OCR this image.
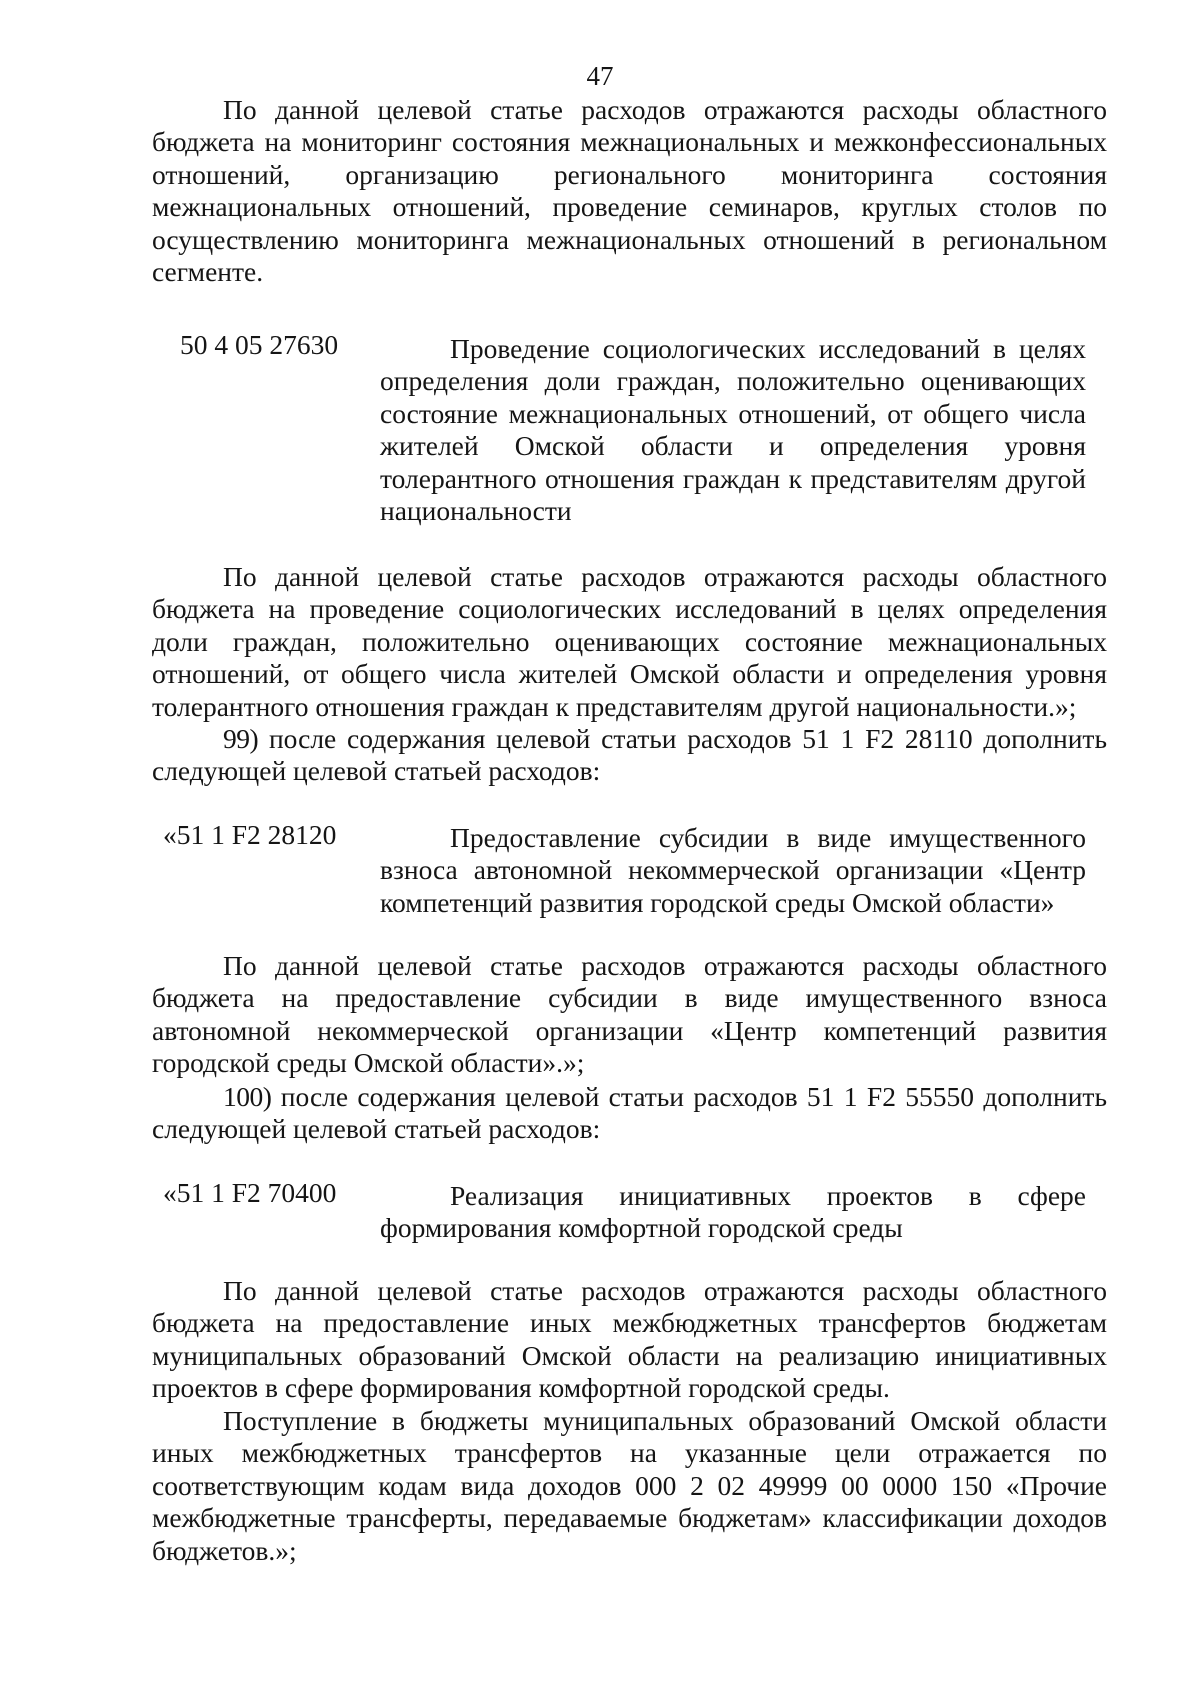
47

По данной целевой статье расходов отражаются расходы областного бюджета на мониторинг состояния межнациональных и межконфессиональных отношений, организацию регионального мониторинга состояния межнациональных отношений, проведение семинаров, круглых столов по осуществлению мониторинга межнациональных отношений в региональном сегменте.

50 4 05 27630	Проведение социологических исследований в целях определения доли граждан, положительно оценивающих состояние межнациональных отношений, от общего числа жителей Омской области и определения уровня толерантного отношения граждан к представителям другой национальности

По данной целевой статье расходов отражаются расходы областного бюджета на проведение социологических исследований в целях определения доли граждан, положительно оценивающих состояние межнациональных отношений, от общего числа жителей Омской области и определения уровня толерантного отношения граждан к представителям другой национальности.»;

99) после содержания целевой статьи расходов 51 1 F2 28110 дополнить следующей целевой статьей расходов:

«51 1 F2 28120	Предоставление субсидии в виде имущественного взноса автономной некоммерческой организации «Центр компетенций развития городской среды Омской области»

По данной целевой статье расходов отражаются расходы областного бюджета на предоставление субсидии в виде имущественного взноса автономной некоммерческой организации «Центр компетенций развития городской среды Омской области».»;

100) после содержания целевой статьи расходов 51 1 F2 55550 дополнить следующей целевой статьей расходов:

«51 1 F2 70400	Реализация инициативных проектов в сфере формирования комфортной городской среды

По данной целевой статье расходов отражаются расходы областного бюджета на предоставление иных межбюджетных трансфертов бюджетам муниципальных образований Омской области на реализацию инициативных проектов в сфере формирования комфортной городской среды.

Поступление в бюджеты муниципальных образований Омской области иных межбюджетных трансфертов на указанные цели отражается по соответствующим кодам вида доходов 000 2 02 49999 00 0000 150 «Прочие межбюджетные трансферты, передаваемые бюджетам» классификации доходов бюджетов.»;
